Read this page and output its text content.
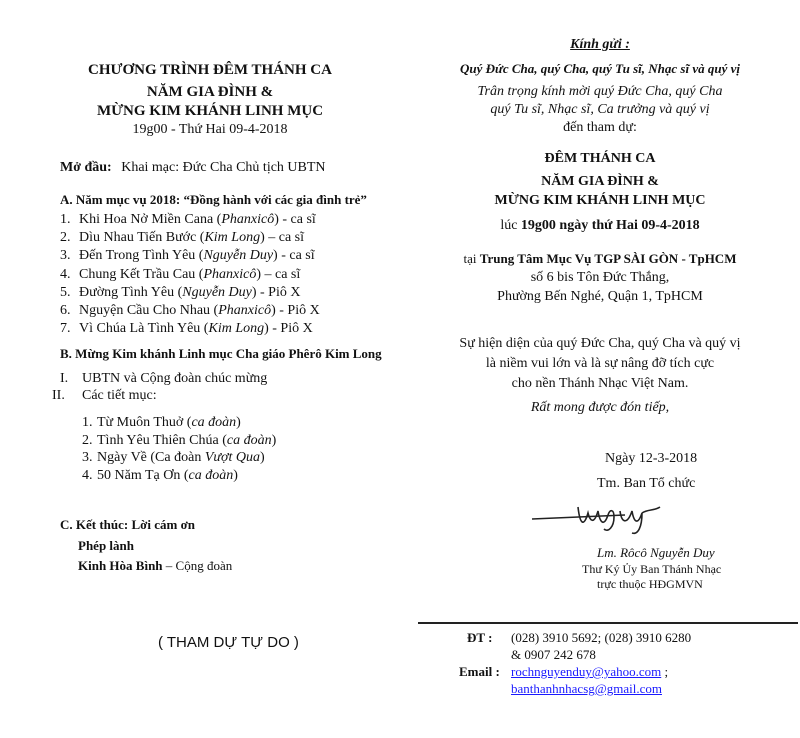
CHƯƠNG TRÌNH ĐÊM THÁNH CA
NĂM GIA ĐÌNH &
MỪNG KIM KHÁNH LINH MỤC
19g00 - Thứ Hai 09-4-2018
Mở đầu: Khai mạc: Đức Cha Chủ tịch UBTN
A. Năm mục vụ 2018: “Đồng hành với các gia đình trẻ”
1. Khi Hoa Nở Miền Cana (Phanxicô) - ca sĩ
2. Dìu Nhau Tiến Bước (Kim Long) – ca sĩ
3. Đến Trong Tình Yêu (Nguyễn Duy) - ca sĩ
4. Chung Kết Trầu Cau (Phanxicô) – ca sĩ
5. Đường Tình Yêu (Nguyễn Duy) - Piô X
6. Nguyện Cầu Cho Nhau (Phanxicô) - Piô X
7. Vì Chúa Là Tình Yêu (Kim Long) - Piô X
B. Mừng Kim khánh Linh mục Cha giáo Phêrô Kim Long
I. UBTN và Cộng đoàn chúc mừng
II. Các tiết mục:
1. Từ Muôn Thuở (ca đoàn)
2. Tình Yêu Thiên Chúa (ca đoàn)
3. Ngày Về (Ca đoàn Vượt Qua)
4. 50 Năm Tạ Ơn (ca đoàn)
C. Kết thúc: Lời cám ơn
Phép lành
Kinh Hòa Bình – Cộng đoàn
( THAM DỰ TỰ DO )
Kính gửi :
Quý Đức Cha, quý Cha, quý Tu sĩ, Nhạc sĩ và quý vị
Trân trọng kính mời quý Đức Cha, quý Cha
quý Tu sĩ, Nhạc sĩ, Ca trưởng và quý vị
đến tham dự:
ĐÊM THÁNH CA
NĂM GIA ĐÌNH &
MỪNG KIM KHÁNH LINH MỤC
lúc 19g00 ngày thứ Hai 09-4-2018
tại Trung Tâm Mục Vụ TGP SÀI GÒN - TpHCM
số 6 bis Tôn Đức Thắng,
Phường Bến Nghé, Quận 1, TpHCM
Sự hiện diện của quý Đức Cha, quý Cha và quý vị
là niềm vui lớn và là sự nâng đỡ tích cực
cho nền Thánh Nhạc Việt Nam.
Rất mong được đón tiếp,
Ngày 12-3-2018
Tm. Ban Tổ chức
Lm. Rôcô Nguyễn Duy
Thư Ký Ủy Ban Thánh Nhạc
trực thuộc HĐGMVN
ĐT : (028) 3910 5692; (028) 3910 6280
& 0907 242 678
Email : rochnguyenduy@yahoo.com ;
banthanhnhacsg@gmail.com
